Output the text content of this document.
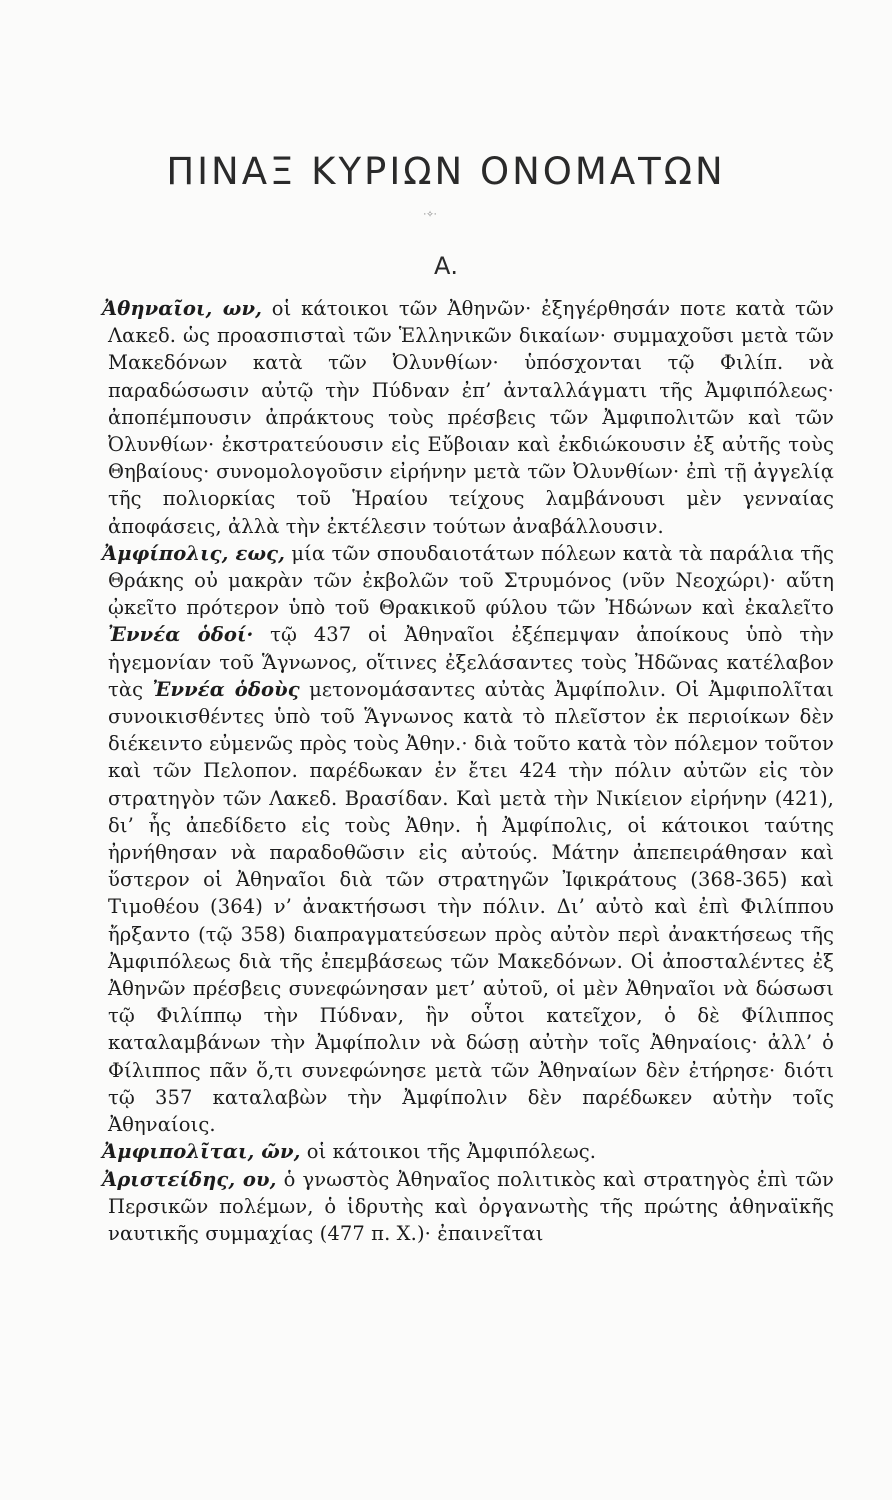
ΠΙΝΑΞ ΚΥΡΙΩΝ ΟΝΟΜΑΤΩΝ
·✧·
Α.

Ἀθηναῖοι, ων, οἱ κάτοικοι τῶν Ἀθηνῶν· ἐξηγέρθησάν ποτε κατὰ τῶν Λακεδ. ὡς προασπισταὶ τῶν Ἑλληνικῶν δικαίων· συμμαχοῦσι μετὰ τῶν Μακεδόνων κατὰ τῶν Ὀλυνθίων· ὑπόσχονται τῷ Φιλίπ. νὰ παραδώσωσιν αὐτῷ τὴν Πύδναν ἐπ’ ἀνταλλάγματι τῆς Ἀμφιπόλεως· ἀποπέμπουσιν ἀπράκτους τοὺς πρέσβεις τῶν Ἀμφιπολιτῶν καὶ τῶν Ὀλυνθίων· ἐκστρατεύουσιν εἰς Εὔβοιαν καὶ ἐκδιώκουσιν ἐξ αὐτῆς τοὺς Θηβαίους· συνομολογοῦσιν εἰρήνην μετὰ τῶν Ὀλυνθίων· ἐπὶ τῇ ἀγγελίᾳ τῆς πολιορκίας τοῦ Ἡραίου τείχους λαμβάνουσι μὲν γενναίας ἀποφάσεις, ἀλλὰ τὴν ἐκτέλεσιν τούτων ἀναβάλλουσιν.

Ἀμφίπολις, εως, μία τῶν σπουδαιοτάτων πόλεων κατὰ τὰ παράλια τῆς Θράκης οὐ μακρὰν τῶν ἐκβολῶν τοῦ Στρυμόνος (νῦν Νεοχώρι)· αὕτη ᾠκεῖτο πρότερον ὑπὸ τοῦ Θρακικοῦ φύλου τῶν Ἠδώνων καὶ ἐκαλεῖτο Ἐννέα ὁδοί· τῷ 437 οἱ Ἀθηναῖοι ἐξέπεμψαν ἀποίκους ὑπὸ τὴν ἡγεμονίαν τοῦ Ἅγνωνος, οἵτινες ἐξελάσαντες τοὺς Ἠδῶνας κατέλαβον τὰς Ἐννέα ὁδοὺς μετονομάσαντες αὐτὰς Ἀμφίπολιν. Οἱ Ἀμφιπολῖται συνοικισθέντες ὑπὸ τοῦ Ἅγνωνος κατὰ τὸ πλεῖστον ἐκ περιοίκων δὲν διέκειντο εὐμενῶς πρὸς τοὺς Ἀθην.· διὰ τοῦτο κατὰ τὸν πόλεμον τοῦτον καὶ τῶν Πελοπον. παρέδωκαν ἐν ἔτει 424 τὴν πόλιν αὐτῶν εἰς τὸν στρατηγὸν τῶν Λακεδ. Βρασίδαν. Καὶ μετὰ τὴν Νικίειον εἰρήνην (421), δι’ ἧς ἀπεδίδετο εἰς τοὺς Ἀθην. ἡ Ἀμφίπολις, οἱ κάτοικοι ταύτης ἠρνήθησαν νὰ παραδοθῶσιν εἰς αὐτούς. Μάτην ἀπεπειράθησαν καὶ ὕστερον οἱ Ἀθηναῖοι διὰ τῶν στρατηγῶν Ἰφικράτους (368-365) καὶ Τιμοθέου (364) ν’ ἀνακτήσωσι τὴν πόλιν. Δι’ αὐτὸ καὶ ἐπὶ Φιλίππου ἤρξαντο (τῷ 358) διαπραγματεύσεων πρὸς αὐτὸν περὶ ἀνακτήσεως τῆς Ἀμφιπόλεως διὰ τῆς ἐπεμβάσεως τῶν Μακεδόνων. Οἱ ἀποσταλέντες ἐξ Ἀθηνῶν πρέσβεις συνεφώνησαν μετ’ αὐτοῦ, οἱ μὲν Ἀθηναῖοι νὰ δώσωσι τῷ Φιλίππῳ τὴν Πύδναν, ἣν οὗτοι κατεῖχον, ὁ δὲ Φίλιππος καταλαμβάνων τὴν Ἀμφίπολιν νὰ δώσῃ αὐτὴν τοῖς Ἀθηναίοις· ἀλλ’ ὁ Φίλιππος πᾶν ὅ,τι συνεφώνησε μετὰ τῶν Ἀθηναίων δὲν ἐτήρησε· διότι τῷ 357 καταλαβὼν τὴν Ἀμφίπολιν δὲν παρέδωκεν αὐτὴν τοῖς Ἀθηναίοις.

Ἀμφιπολῖται, ῶν, οἱ κάτοικοι τῆς Ἀμφιπόλεως.

Ἀριστείδης, ου, ὁ γνωστὸς Ἀθηναῖος πολιτικὸς καὶ στρατηγὸς ἐπὶ τῶν Περσικῶν πολέμων, ὁ ἱδρυτὴς καὶ ὀργανωτὴς τῆς πρώτης ἀθηναϊκῆς ναυτικῆς συμμαχίας (477 π. Χ.)· ἐπαινεῖται
